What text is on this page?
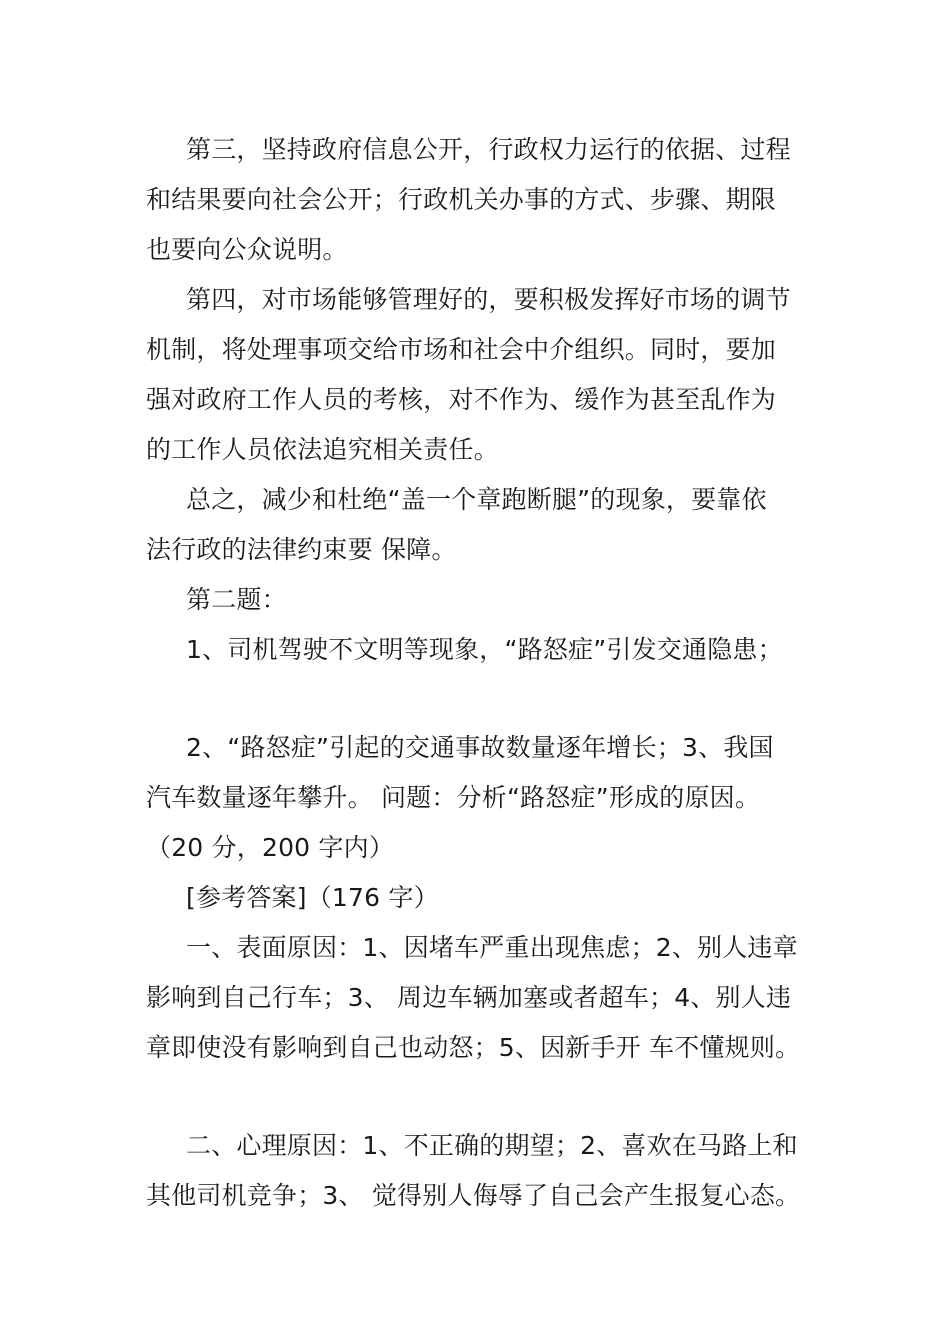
第三，坚持政府信息公开，行政权力运行的依据、过程
和结果要向社会公开；行政机关办事的方式、步骤、期限
也要向公众说明。
第四，对市场能够管理好的，要积极发挥好市场的调节
机制，将处理事项交给市场和社会中介组织。同时，要加
强对政府工作人员的考核，对不作为、缓作为甚至乱作为
的工作人员依法追究相关责任。
总之，减少和杜绝“盖一个章跑断腿”的现象，要靠依
法行政的法律约束要 保障。
第二题：
1、司机驾驶不文明等现象，“路怒症”引发交通隐患；
2、“路怒症”引起的交通事故数量逐年增长；3、我国
汽车数量逐年攀升。 问题：分析“路怒症”形成的原因。
（20 分，200 字内）
[参考答案]（176 字）
一、表面原因：1、因堵车严重出现焦虑；2、别人违章
影响到自己行车；3、 周边车辆加塞或者超车；4、别人违
章即使没有影响到自己也动怒；5、因新手开 车不懂规则。
二、心理原因：1、不正确的期望；2、喜欢在马路上和
其他司机竞争；3、 觉得别人侮辱了自己会产生报复心态。
